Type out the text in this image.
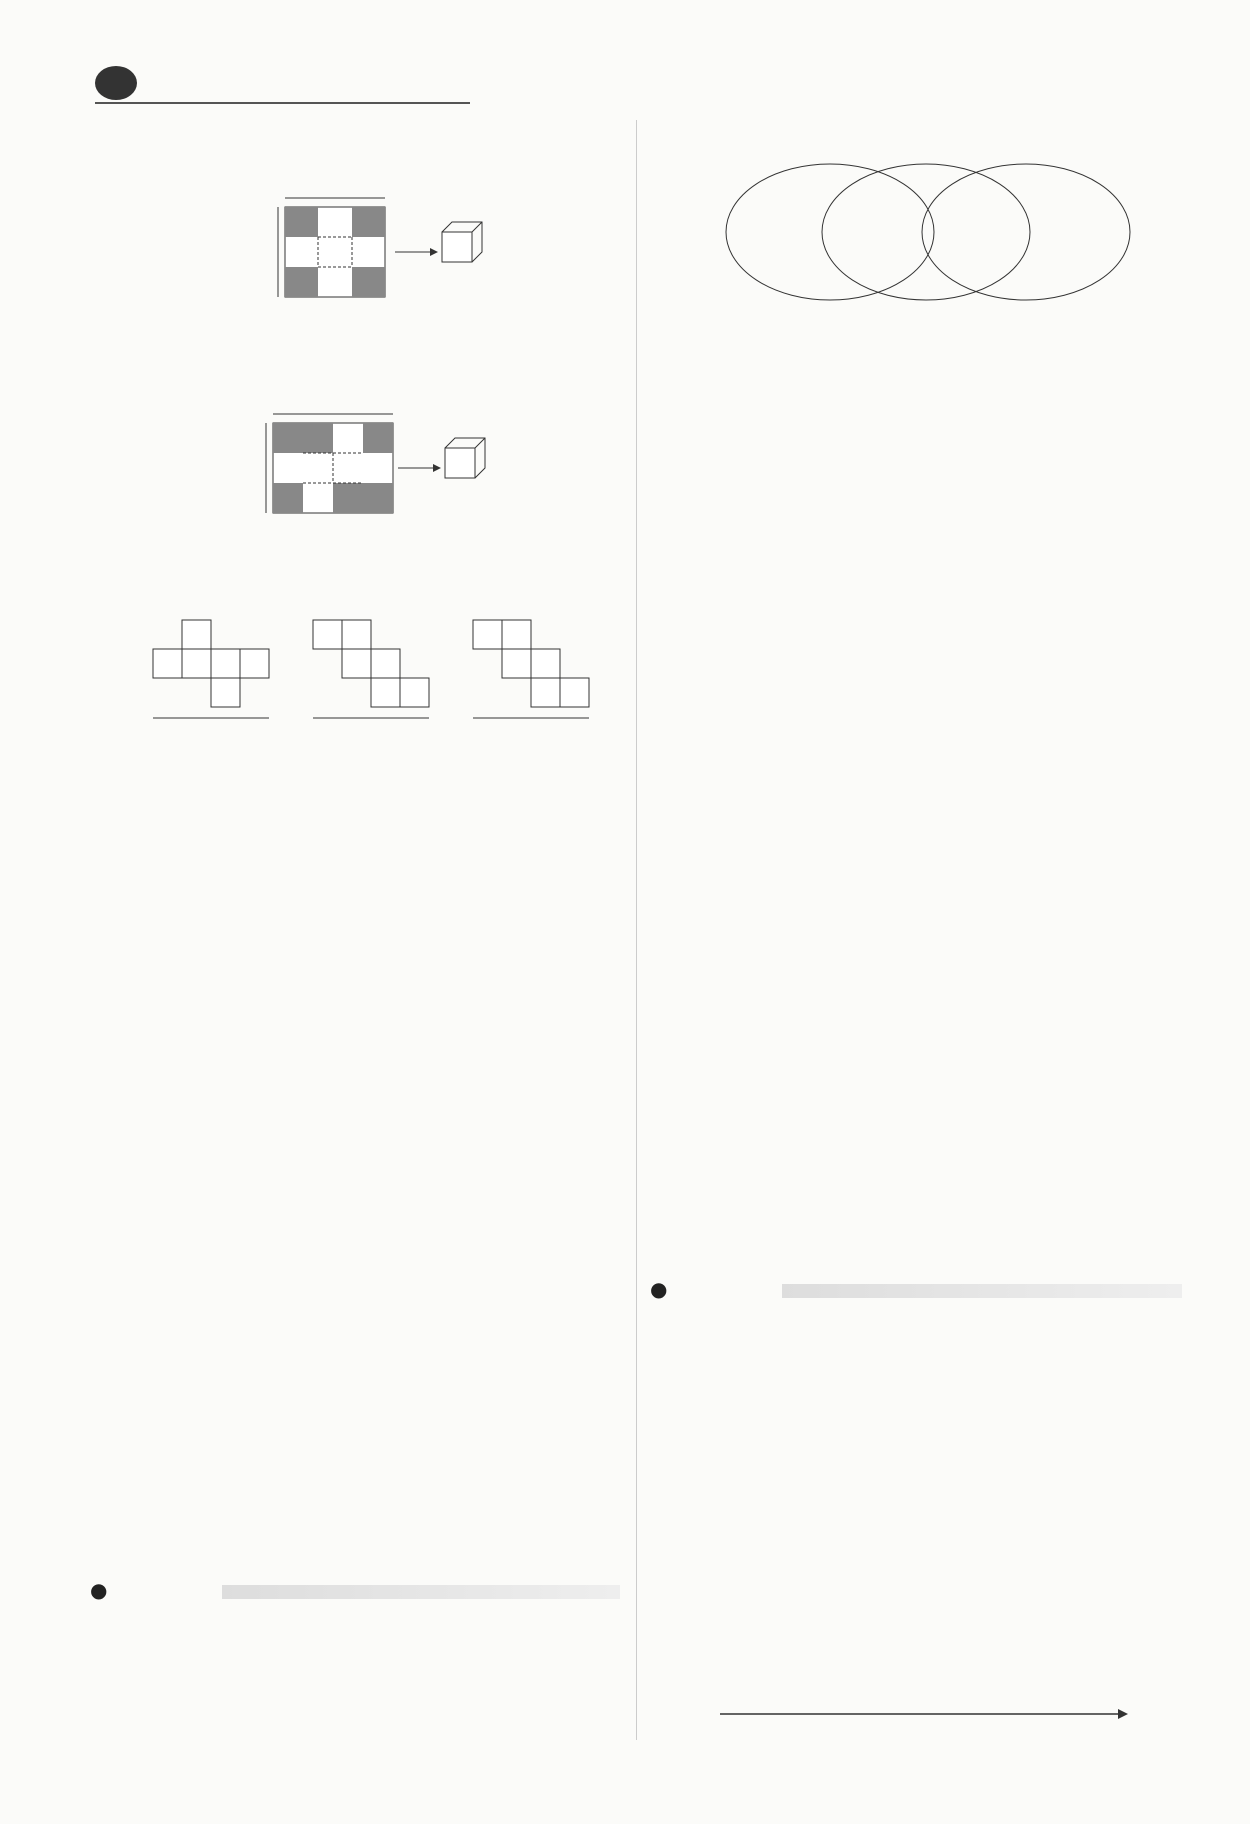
●
●
